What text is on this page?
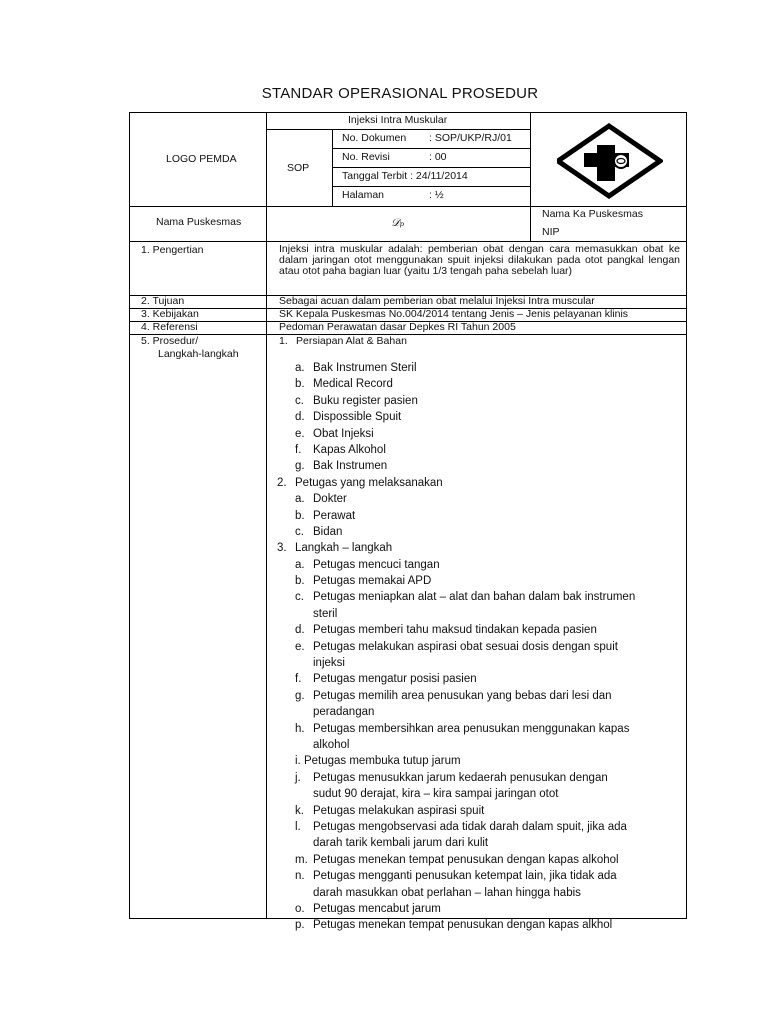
STANDAR OPERASIONAL PROSEDUR
LOGO PEMDA
Injeksi Intra Muskular
SOP
No. Dokumen : SOP/UKP/RJ/01
No. Revisi	: 00
Tanggal Terbit : 24/11/2014
Halaman	: ½
Nama Puskesmas	𝒟ₚ
Nama Ka Puskesmas
NIP
1. Pengertian	Injeksi intra muskular adalah: pemberian obat dengan cara memasukkan obat ke dalam jaringan otot menggunakan spuit injeksi dilakukan pada otot pangkal lengan atau otot paha bagian luar (yaitu 1/3 tengah paha sebelah luar)
2. Tujuan	Sebagai acuan dalam pemberian obat melalui Injeksi Intra muscular
3. Kebijakan	SK Kepala Puskesmas No.004/2014 tentang Jenis – Jenis pelayanan klinis
4. Referensi	Pedoman Perawatan dasar Depkes RI Tahun 2005
5. Prosedur/
Langkah-langkah
1. Persiapan Alat & Bahan
a. Bak Instrumen Steril
b. Medical Record
c. Buku register pasien
d. Dispossible Spuit
e. Obat Injeksi
f. Kapas Alkohol
g. Bak Instrumen
2. Petugas yang melaksanakan
a. Dokter
b. Perawat
c. Bidan
3. Langkah – langkah
a. Petugas mencuci tangan
b. Petugas memakai APD
c. Petugas meniapkan alat – alat dan bahan dalam bak instrumen
steril
d. Petugas memberi tahu maksud tindakan kepada pasien
e. Petugas melakukan aspirasi obat sesuai dosis dengan spuit
injeksi
f. Petugas mengatur posisi pasien
g. Petugas memilih area penusukan yang bebas dari lesi dan
peradangan
h. Petugas membersihkan area penusukan menggunakan kapas
alkohol
i. Petugas membuka tutup jarum
j. Petugas menusukkan jarum kedaerah penusukan dengan
sudut 90 derajat, kira – kira sampai jaringan otot
k. Petugas melakukan aspirasi spuit
l. Petugas mengobservasi ada tidak darah dalam spuit, jika ada
darah tarik kembali jarum dari kulit
m. Petugas menekan tempat penusukan dengan kapas alkohol
n. Petugas mengganti penusukan ketempat lain, jika tidak ada
darah masukkan obat perlahan – lahan hingga habis
o. Petugas mencabut jarum
p. Petugas menekan tempat penusukan dengan kapas alkhol
